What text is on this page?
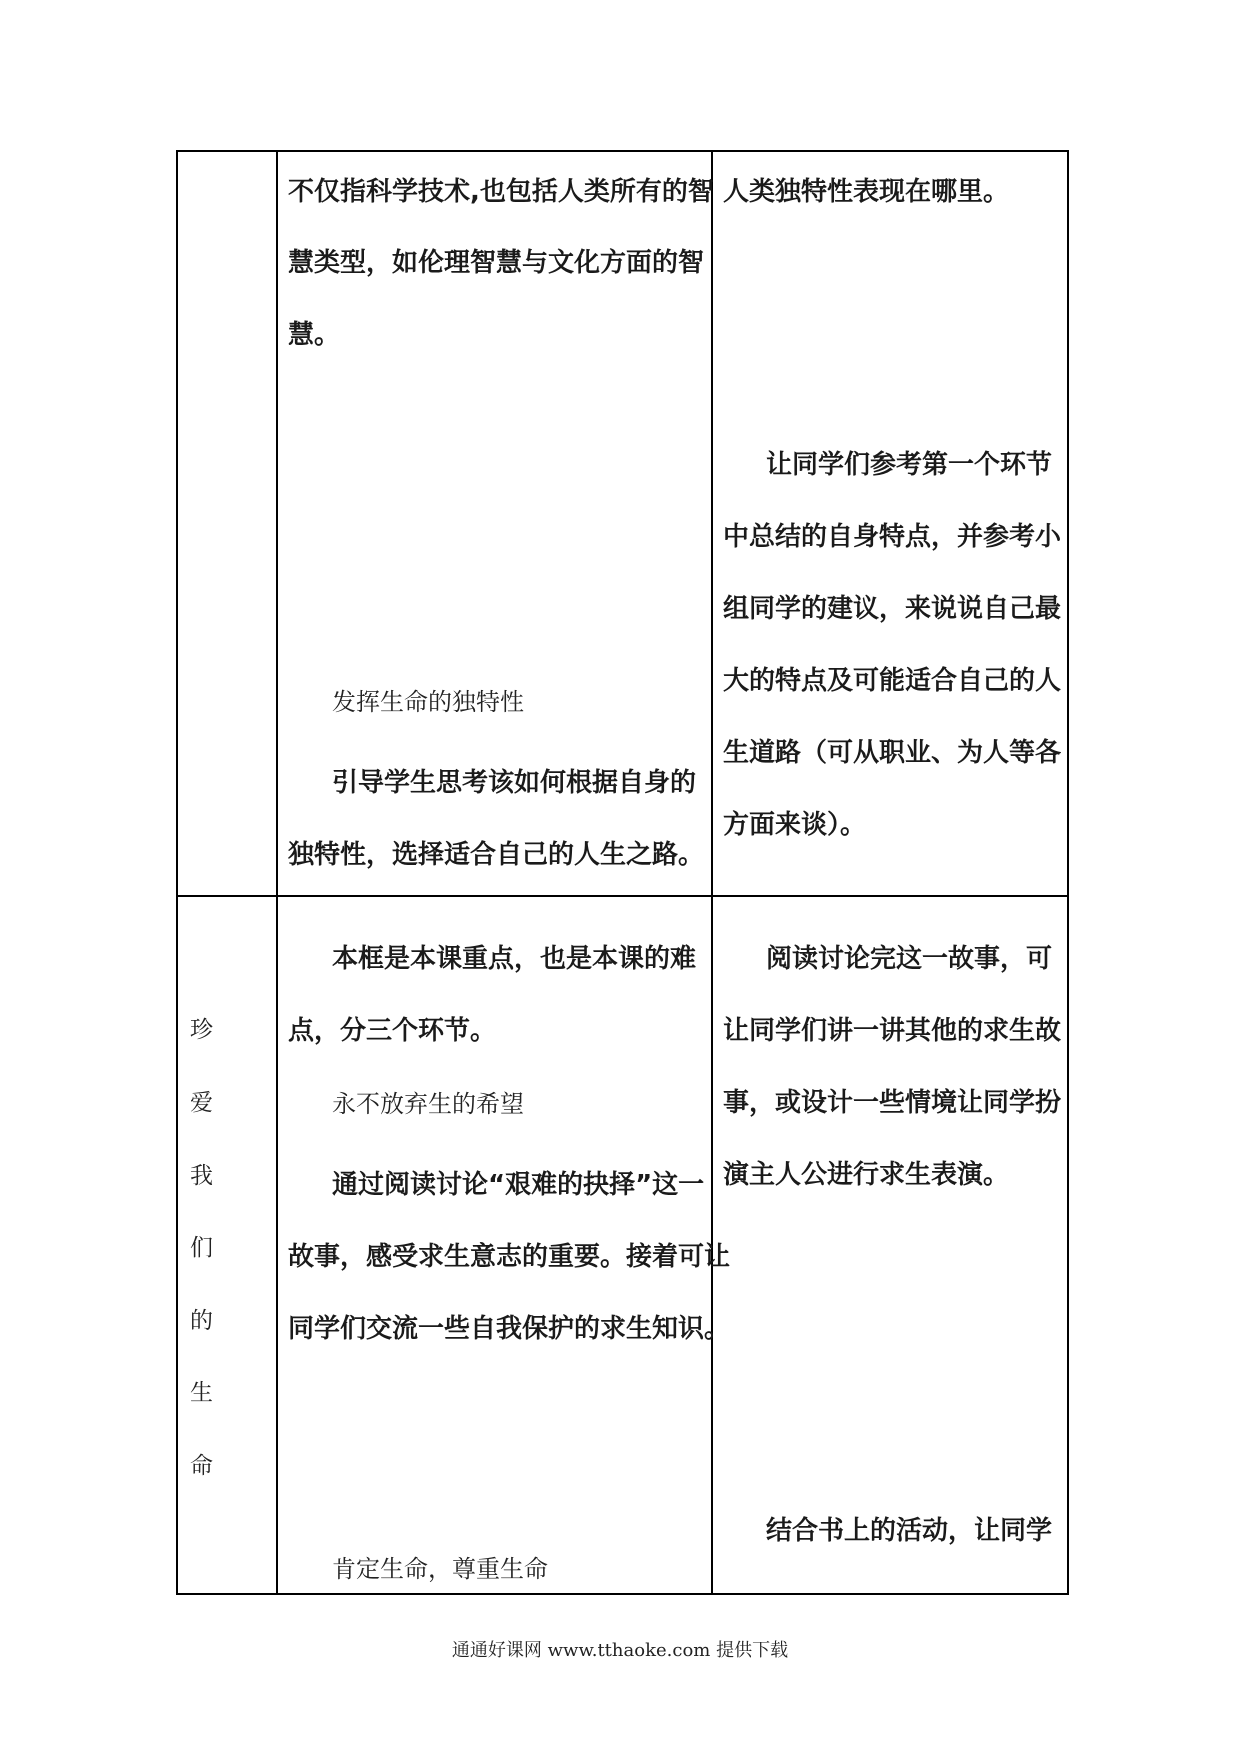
不仅指科学技术,也包括人类所有的智
慧类型，如伦理智慧与文化方面的智
慧。
发挥生命的独特性
引导学生思考该如何根据自身的
独特性，选择适合自己的人生之路。
人类独特性表现在哪里。
让同学们参考第一个环节
中总结的自身特点，并参考小
组同学的建议，来说说自己最
大的特点及可能适合自己的人
生道路（可从职业、为人等各
方面来谈）。
珍
爱
我
们
的
生
命
本框是本课重点，也是本课的难
点，分三个环节。
永不放弃生的希望
通过阅读讨论“艰难的抉择”这一
故事，感受求生意志的重要。接着可让
同学们交流一些自我保护的求生知识。
肯定生命，尊重生命
阅读讨论完这一故事，可
让同学们讲一讲其他的求生故
事，或设计一些情境让同学扮
演主人公进行求生表演。
结合书上的活动，让同学
通通好课网 www.tthaoke.com 提供下载
